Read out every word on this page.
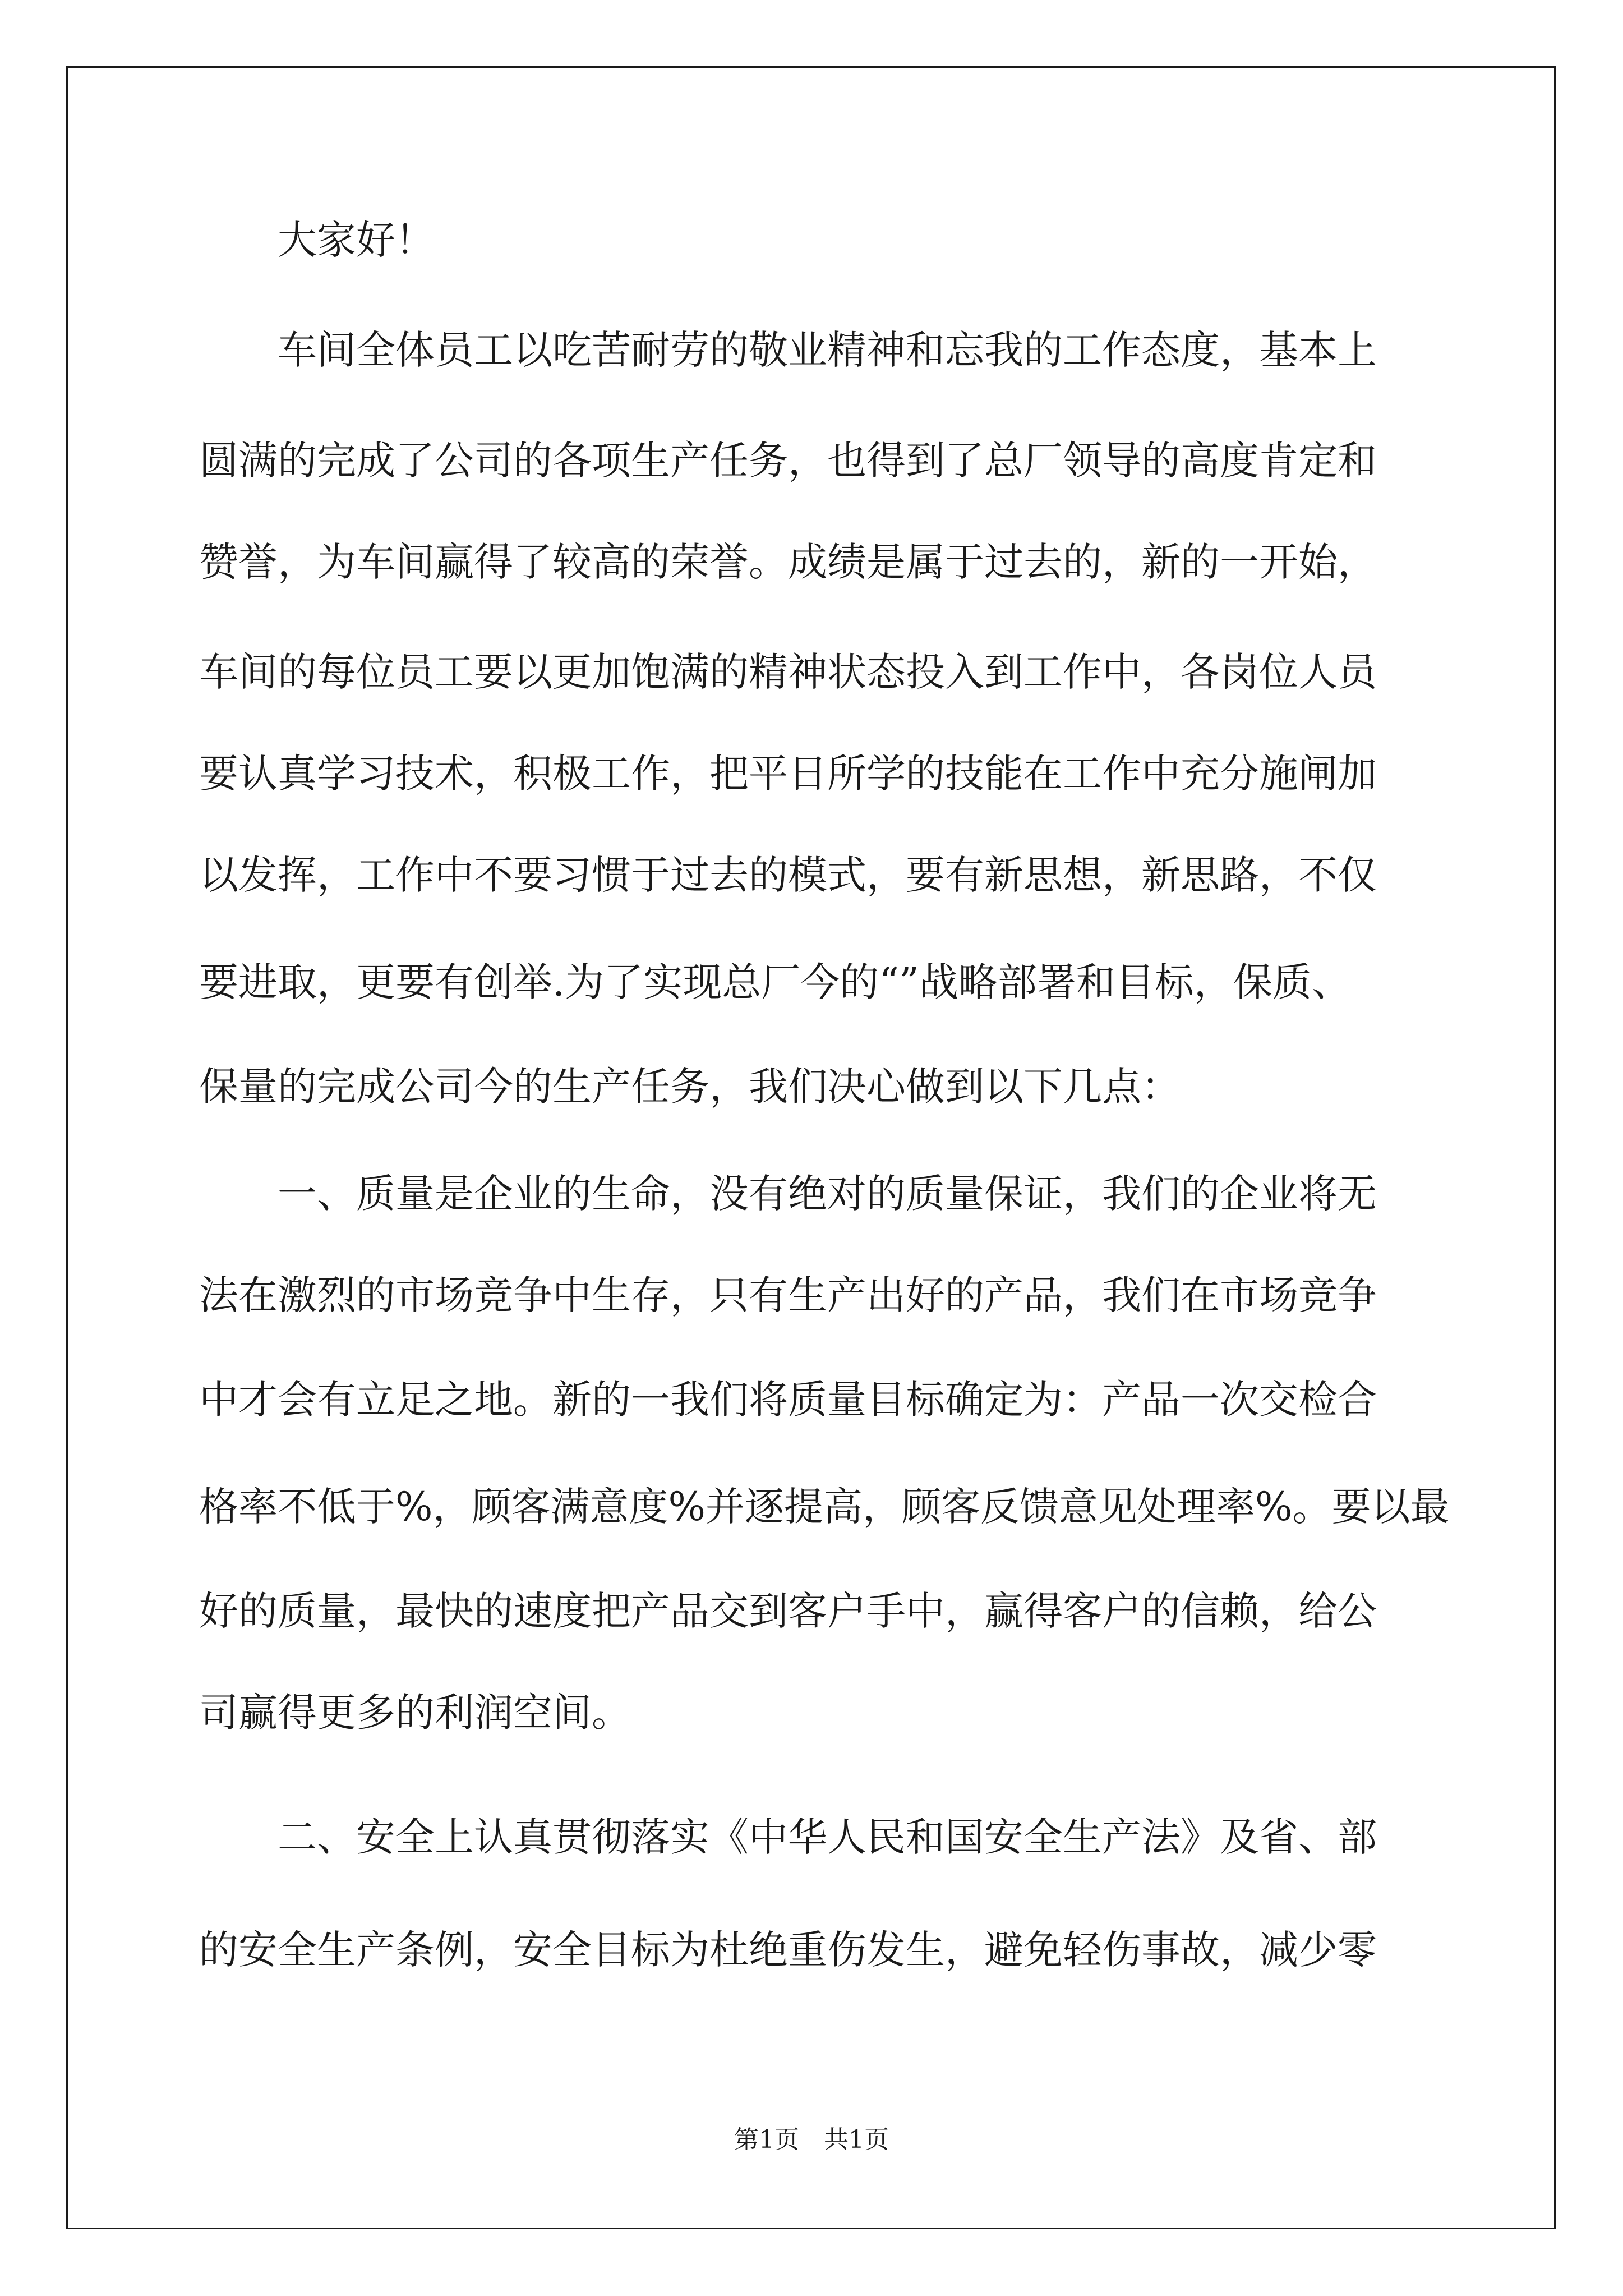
大家好！

车间全体员工以吃苦耐劳的敬业精神和忘我的工作态度，基本上

圆满的完成了公司的各项生产任务，也得到了总厂领导的高度肯定和

赞誉，为车间赢得了较高的荣誉。成绩是属于过去的，新的一开始，

车间的每位员工要以更加饱满的精神状态投入到工作中，各岗位人员

要认真学习技术，积极工作，把平日所学的技能在工作中充分施闸加

以发挥，工作中不要习惯于过去的模式，要有新思想，新思路，不仅

要进取，更要有创举.为了实现总厂今的“”战略部署和目标，保质、

保量的完成公司今的生产任务，我们决心做到以下几点：

一、质量是企业的生命，没有绝对的质量保证，我们的企业将无

法在激烈的市场竞争中生存，只有生产出好的产品，我们在市场竞争

中才会有立足之地。新的一我们将质量目标确定为：产品一次交检合

格率不低于%，顾客满意度%并逐提高，顾客反馈意见处理率%。要以最

好的质量，最快的速度把产品交到客户手中，赢得客户的信赖，给公

司赢得更多的利润空间。

二、安全上认真贯彻落实《中华人民和国安全生产法》及省、部

的安全生产条例，安全目标为杜绝重伤发生，避免轻伤事故，减少零

第1页　共1页
